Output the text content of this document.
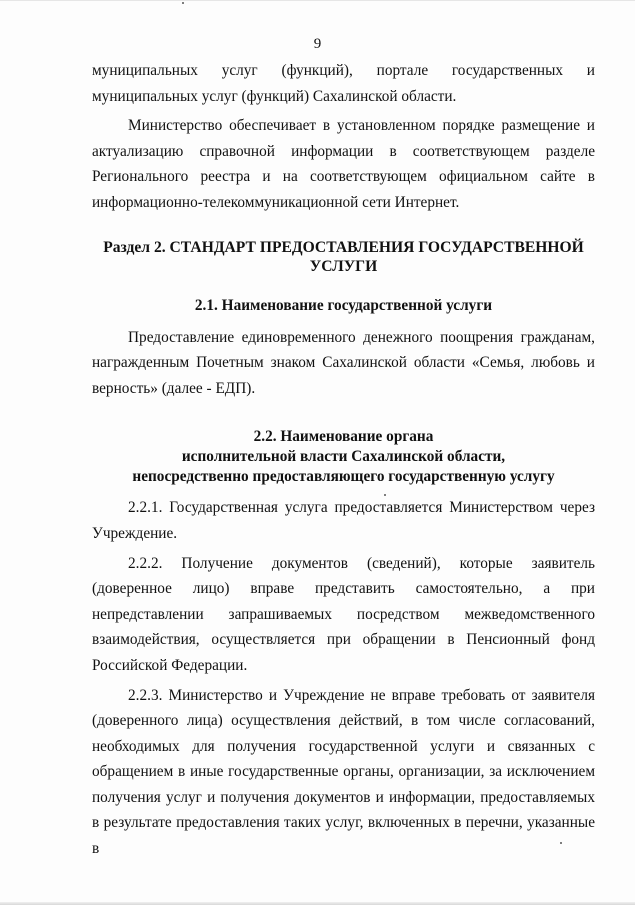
9

муниципальных услуг (функций), портале государственных и муниципальных услуг (функций) Сахалинской области.

Министерство обеспечивает в установленном порядке размещение и актуализацию справочной информации в соответствующем разделе Регионального реестра и на соответствующем официальном сайте в информационно-телекоммуникационной сети Интернет.

Раздел 2. СТАНДАРТ ПРЕДОСТАВЛЕНИЯ ГОСУДАРСТВЕННОЙ УСЛУГИ
2.1. Наименование государственной услуги

Предоставление единовременного денежного поощрения гражданам, награжденным Почетным знаком Сахалинской области «Семья, любовь и верность» (далее - ЕДП).

2.2. Наименование органа
исполнительной власти Сахалинской области,
непосредственно предоставляющего государственную услугу

2.2.1. Государственная услуга предоставляется Министерством через Учреждение.

2.2.2. Получение документов (сведений), которые заявитель (доверенное лицо) вправе представить самостоятельно, а при непредставлении запрашиваемых посредством межведомственного взаимодействия, осуществляется при обращении в Пенсионный фонд Российской Федерации.

2.2.3. Министерство и Учреждение не вправе требовать от заявителя (доверенного лица) осуществления действий, в том числе согласований, необходимых для получения государственной услуги и связанных с обращением в иные государственные органы, организации, за исключением получения услуг и получения документов и информации, предоставляемых в результате предоставления таких услуг, включенных в перечни, указанные в
